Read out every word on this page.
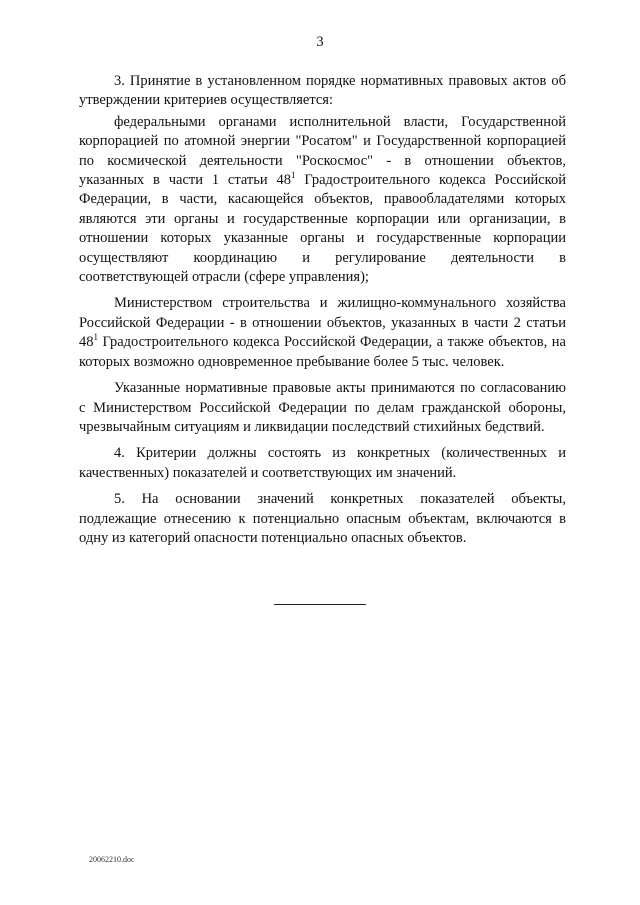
3

3. Принятие в установленном порядке нормативных правовых актов об утверждении критериев осуществляется:

федеральными органами исполнительной власти, Государственной корпорацией по атомной энергии "Росатом" и Государственной корпорацией по космической деятельности "Роскосмос" - в отношении объектов, указанных в части 1 статьи $48^1$ Градостроительного кодекса Российской Федерации, в части, касающейся объектов, правообладателями которых являются эти органы и государственные корпорации или организации, в отношении которых указанные органы и государственные корпорации осуществляют координацию и регулирование деятельности в соответствующей отрасли (сфере управления);

Министерством строительства и жилищно-коммунального хозяйства Российской Федерации - в отношении объектов, указанных в части 2 статьи $48^1$ Градостроительного кодекса Российской Федерации, а также объектов, на которых возможно одновременное пребывание более 5 тыс. человек.

Указанные нормативные правовые акты принимаются по согласованию с Министерством Российской Федерации по делам гражданской обороны, чрезвычайным ситуациям и ликвидации последствий стихийных бедствий.

4. Критерии должны состоять из конкретных (количественных и качественных) показателей и соответствующих им значений.

5. На основании значений конкретных показателей объекты, подлежащие отнесению к потенциально опасным объектам, включаются в одну из категорий опасности потенциально опасных объектов.

20062210.doc
